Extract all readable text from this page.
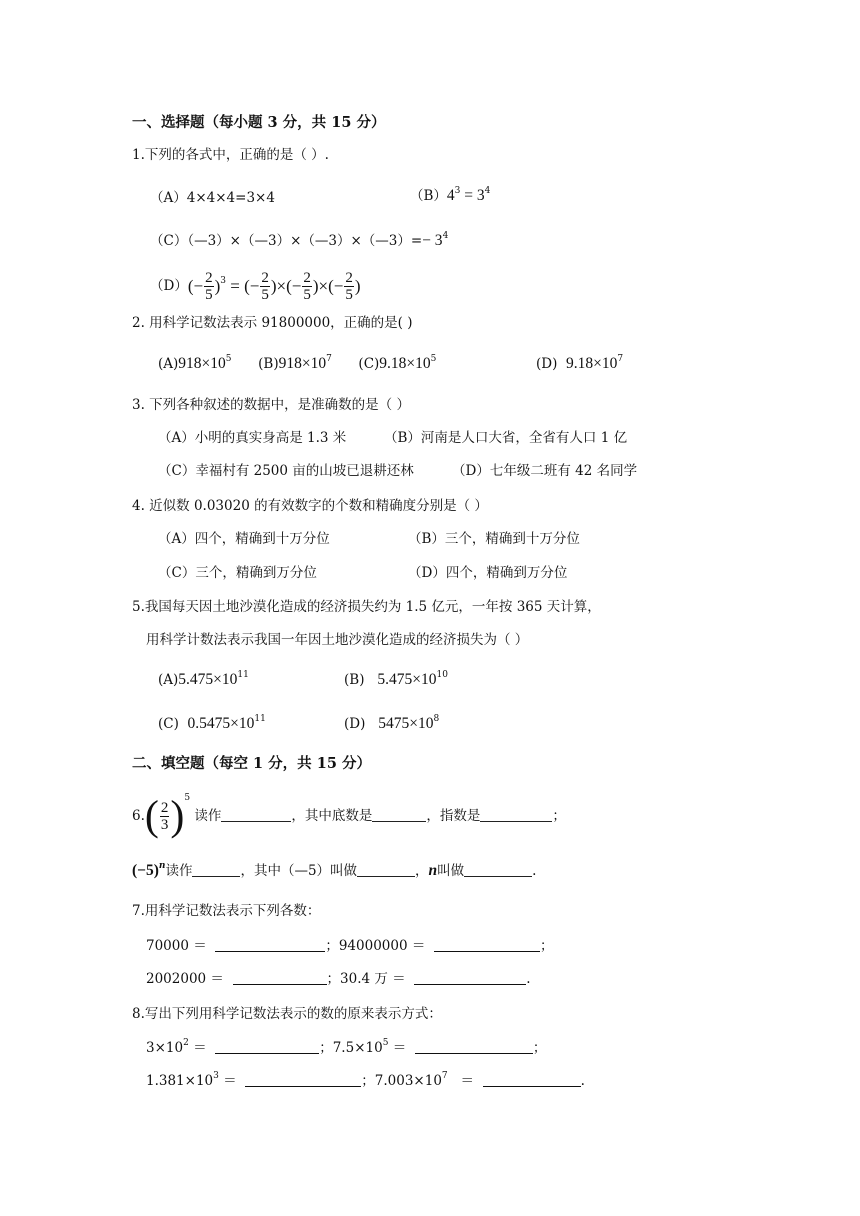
一、选择题（每小题 3 分，共 15 分）
1.下列的各式中，正确的是（ ）.
（A）4×4×4=3×4	$(B)4^3 = 3^4$
（C）（—3）×（—3）×（—3）×（—3）=− $3^4$
$(D)(- \frac{2}{5} )^3$ = (− $\frac{2}{5}$ )×(− $\frac{2}{5}$ )×(− $\frac{2}{5}$ )
2. 用科学记数法表示 91800000，正确的是( )
$(A)918\times 10^5$ $(B)918\times 10^7$ $(C)9.18\times 10^5$	(D) $9.18\times 10^7$
3. 下列各种叙述的数据中，是准确数的是（ ）
（A）小明的真实身高是 1.3 米	（B）河南是人口大省，全省有人口 1 亿
（C）幸福村有 2500 亩的山坡已退耕还林	（D）七年级二班有 42 名同学
4. 近似数 0.03020 的有效数字的个数和精确度分别是（ ）
（A）四个，精确到十万分位	（B）三个，精确到十万分位
（C）三个，精确到万分位	（D）四个，精确到万分位
5.我国每天因土地沙漠化造成的经济损失约为 1.5 亿元，一年按 365 天计算，
用科学计数法表示我国一年因土地沙漠化造成的经济损失为（ ）
$(A)5.475\times 10^{11}$	(B) $5.475\times 10^{10}$
(C) $0.5475\times 10^{11}$	(D) $5475\times 10^8$
二、填空题（每空 1 分，共 15 分）
$6.( \frac{2}{3} )^5$ 读作	，其中底数是	，指数是	；
$(-5)^n$读作	，其中（—5）叫做	，n叫做	.
7.用科学记数法表示下列各数：
70000 ＝	；94000000 ＝	；
2002000 ＝	；30.4 万 ＝	.
8.写出下列用科学记数法表示的数的原来表示方式：
$3\times 10^2$ ＝	；$7.5\times 10^5$ ＝	；
$1.381\times 10^3$ ＝	；$7.003\times 10^7$   ＝	.
